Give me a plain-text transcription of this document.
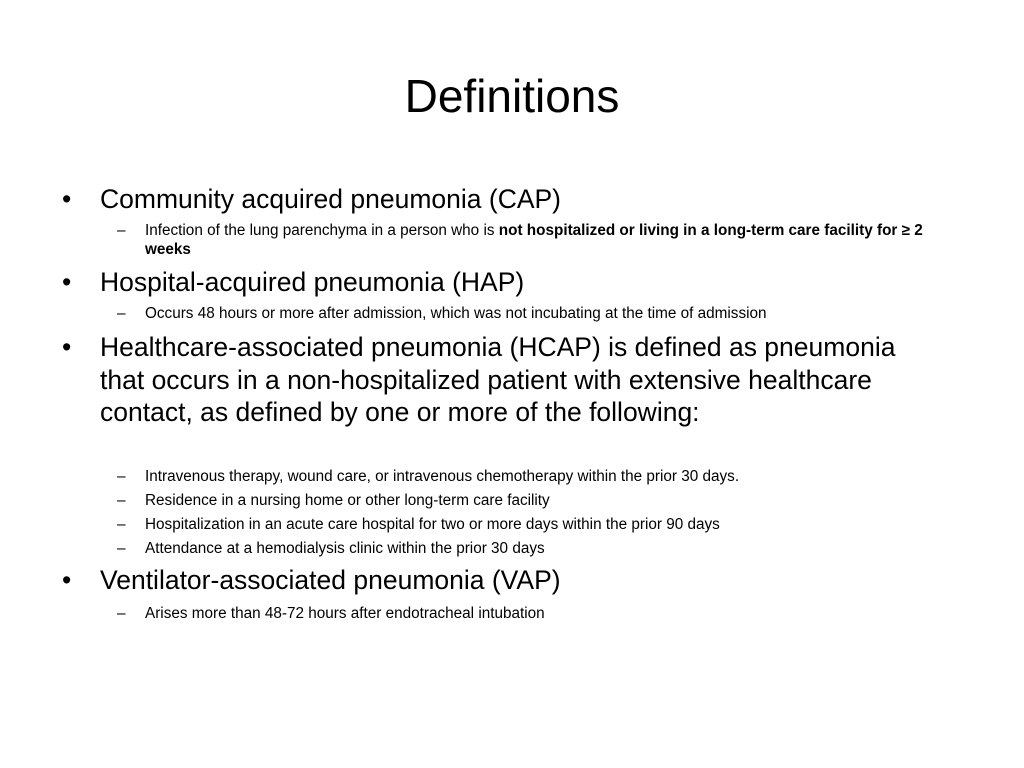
Definitions
• Community acquired pneumonia (CAP)
– Infection of the lung parenchyma in a person who is not hospitalized or living in a long-term care facility for ≥ 2 weeks
• Hospital-acquired pneumonia (HAP)
– Occurs 48 hours or more after admission, which was not incubating at the time of admission
• Healthcare-associated pneumonia (HCAP) is defined as pneumonia that occurs in a non-hospitalized patient with extensive healthcare contact, as defined by one or more of the following:
– Intravenous therapy, wound care, or intravenous chemotherapy within the prior 30 days.
– Residence in a nursing home or other long-term care facility
– Hospitalization in an acute care hospital for two or more days within the prior 90 days
– Attendance at a hemodialysis clinic within the prior 30 days
• Ventilator-associated pneumonia (VAP)
– Arises more than 48-72 hours after endotracheal intubation
